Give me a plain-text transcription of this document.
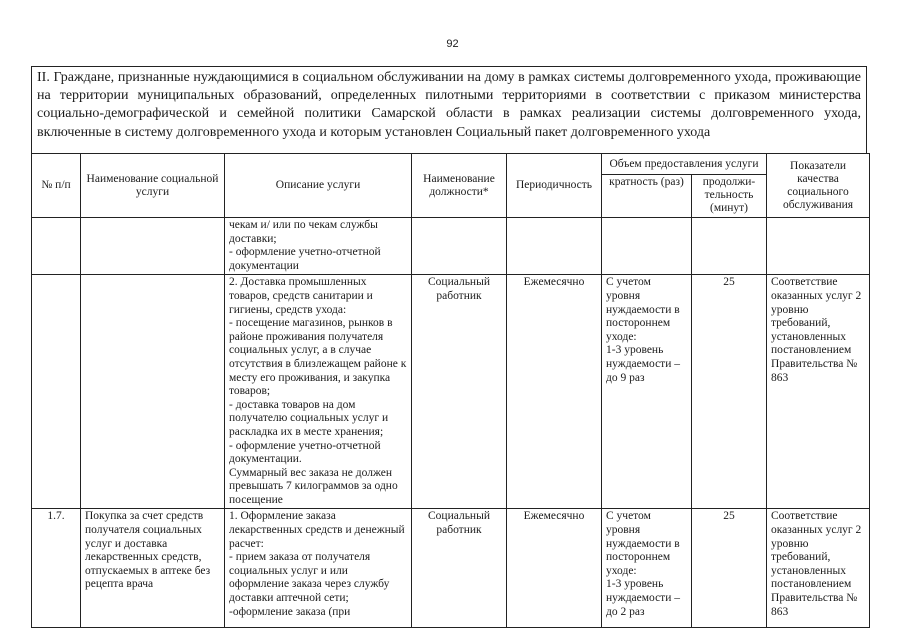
92
II. Граждане, признанные нуждающимися в социальном обслуживании на дому в рамках системы долговременного ухода, проживающие на территории муниципальных образований, определенных пилотными территориями в соответствии с приказом министерства социально-демографической и семейной политики Самарской области в рамках реализации системы долговременного ухода, включенные в систему долговременного ухода и которым установлен Социальный пакет долговременного ухода
№ п/п	Наименование социальной услуги	Описание услуги	Наименование должности*	Периодичность	Объем предоставления услуги		Показатели качества социального обслуживания
					кратность (раз)	продолжи-тельность (минут)	
		чекам и/ или по чекам службы доставки;
- оформление учетно-отчетной документации					
		2. Доставка промышленных товаров, средств санитарии и гигиены, средств ухода:
- посещение магазинов, рынков в районе проживания получателя социальных услуг, а в случае отсутствия в близлежащем районе к месту его проживания, и закупка товаров;
- доставка товаров на дом получателю социальных услуг и раскладка их в месте хранения;
- оформление учетно-отчетной документации.
Суммарный вес заказа не должен превышать 7 килограммов за одно посещение	Социальный работник	Ежемесячно	С учетом уровня нуждаемости в постороннем уходе:
1-3 уровень нуждаемости – до 9 раз	25	Соответствие оказанных услуг 2 уровню требований, установленных постановлением Правительства № 863
1.7.	Покупка за счет средств получателя социальных услуг и доставка лекарственных средств, отпускаемых в аптеке без рецепта врача	1. Оформление заказа лекарственных средств и денежный расчет:
- прием заказа от получателя социальных услуг и или оформление заказа через службу доставки аптечной сети;
-оформление заказа (при	Социальный работник	Ежемесячно	С учетом уровня нуждаемости в постороннем уходе:
1-3 уровень нуждаемости – до 2 раз	25	Соответствие оказанных услуг 2 уровню требований, установленных постановлением Правительства № 863
